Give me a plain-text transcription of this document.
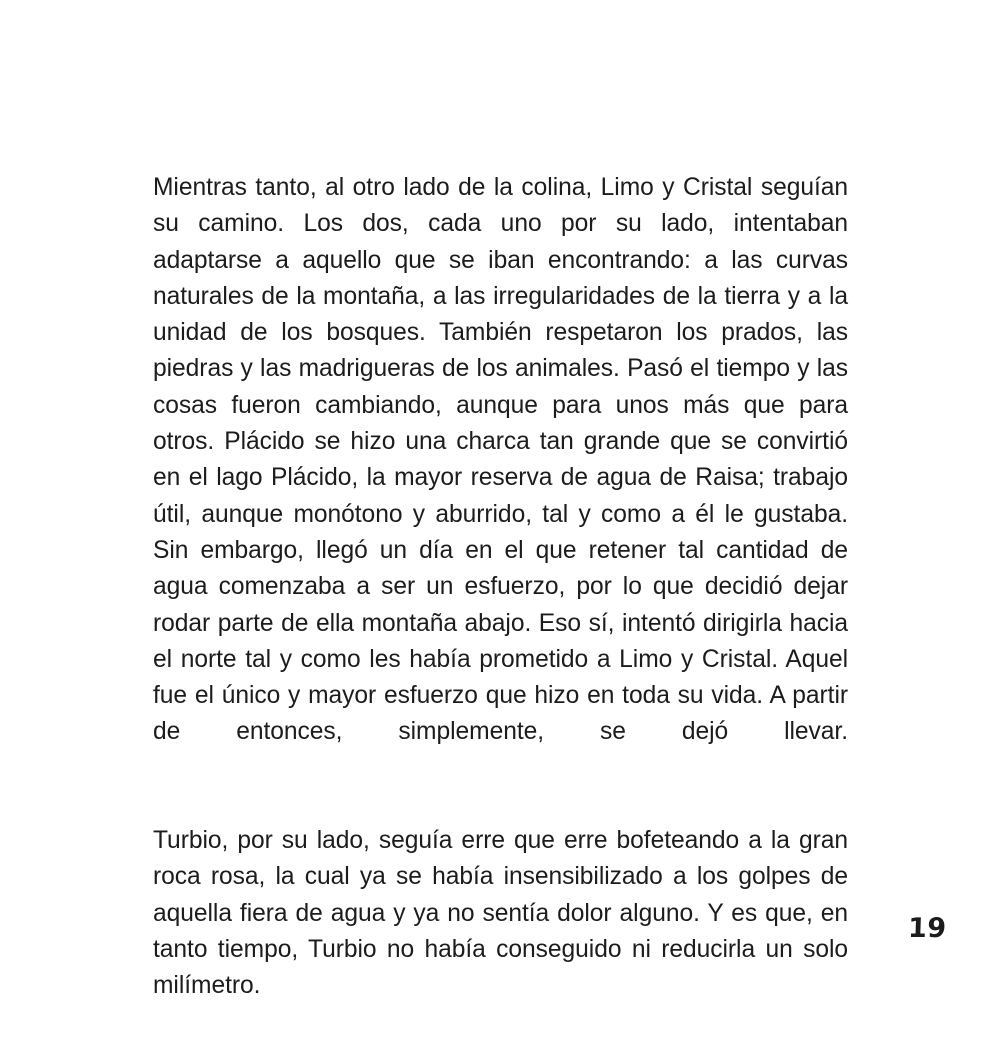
Mientras tanto, al otro lado de la colina, Limo y Cristal seguían su camino. Los dos, cada uno por su lado, intentaban adaptarse a aquello que se iban encontrando: a las curvas naturales de la montaña, a las irregularidades de la tierra y a la unidad de los bosques. También respetaron los prados, las piedras y las madrigueras de los animales. Pasó el tiempo y las cosas fueron cambiando, aunque para unos más que para otros. Plácido se hizo una charca tan grande que se convirtió en el lago Plácido, la mayor reserva de agua de Raisa; trabajo útil, aunque monótono y aburrido, tal y como a él le gustaba. Sin embargo, llegó un día en el que retener tal cantidad de agua comenzaba a ser un esfuerzo, por lo que decidió dejar rodar parte de ella montaña abajo. Eso sí, intentó dirigirla hacia el norte tal y como les había prometido a Limo y Cristal. Aquel fue el único y mayor esfuerzo que hizo en toda su vida. A partir de entonces, simplemente, se dejó llevar.

Turbio, por su lado, seguía erre que erre bofeteando a la gran roca rosa, la cual ya se había insensibilizado a los golpes de aquella fiera de agua y ya no sentía dolor alguno. Y es que, en tanto tiempo, Turbio no había conseguido ni reducirla un solo milímetro.

19
